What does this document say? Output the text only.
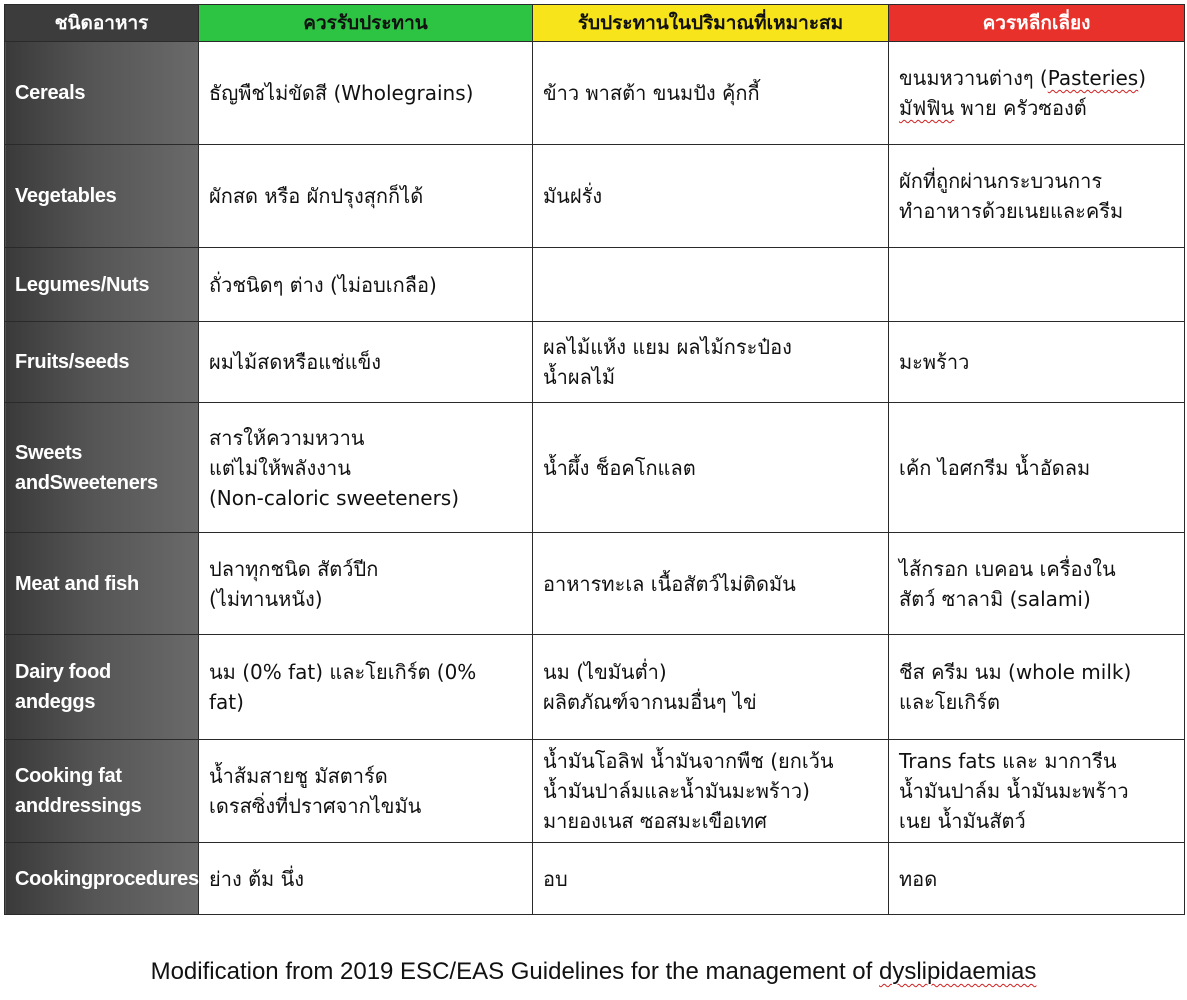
ชนิดอาหาร	ควรรับประทาน	รับประทานในปริมาณที่เหมาะสม	ควรหลีกเลี่ยง
Cereals	ธัญพืชไม่ขัดสี (Wholegrains)	ข้าว พาสต้า ขนมปัง คุ้กกี้	ขนมหวานต่างๆ (Pasteries)
มัฟฟิน พาย ครัวซองต์

Vegetables	ผักสด หรือ ผักปรุงสุกก็ได้	มันฝรั่ง	ผักที่ถูกผ่านกระบวนการ
ทำอาหารด้วยเนยและครีม

Legumes/Nuts	ถั่วชนิดๆ ต่าง (ไม่อบเกลือ)		

Fruits/seeds	ผมไม้สดหรือแช่แข็ง	ผลไม้แห้ง แยม ผลไม้กระป๋อง
น้ำผลไม้	มะพร้าว

Sweets andSweeteners	สารให้ความหวาน
แต่ไม่ให้พลังงาน
(Non-caloric sweeteners)	น้ำผึ้ง ช็อคโกแลต	เค้ก ไอศกรีม น้ำอัดลม

Meat and fish	ปลาทุกชนิด สัตว์ปีก
(ไม่ทานหนัง)	อาหารทะเล เนื้อสัตว์ไม่ติดมัน	ไส้กรอก เบคอน เครื่องใน
สัตว์ ซาลามิ (salami)

Dairy food andeggs	นม (0% fat) และโยเกิร์ต (0%
fat)	นม (ไขมันต่ำ)
ผลิตภัณฑ์จากนมอื่นๆ ไข่	ชีส ครีม นม (whole milk)
และโยเกิร์ต

Cooking fat anddressings	น้ำส้มสายชู มัสตาร์ด
เดรสซิ่งที่ปราศจากไขมัน	น้ำมันโอลิฟ น้ำมันจากพืช (ยกเว้น
น้ำมันปาล์มและน้ำมันมะพร้าว)
มายองเนส ซอสมะเขือเทศ	Trans fats และ มาการีน
น้ำมันปาล์ม น้ำมันมะพร้าว
เนย น้ำมันสัตว์

Cookingprocedures	ย่าง ต้ม นึ่ง	อบ	ทอด
Modification from 2019 ESC/EAS Guidelines for the management of dyslipidaemias
